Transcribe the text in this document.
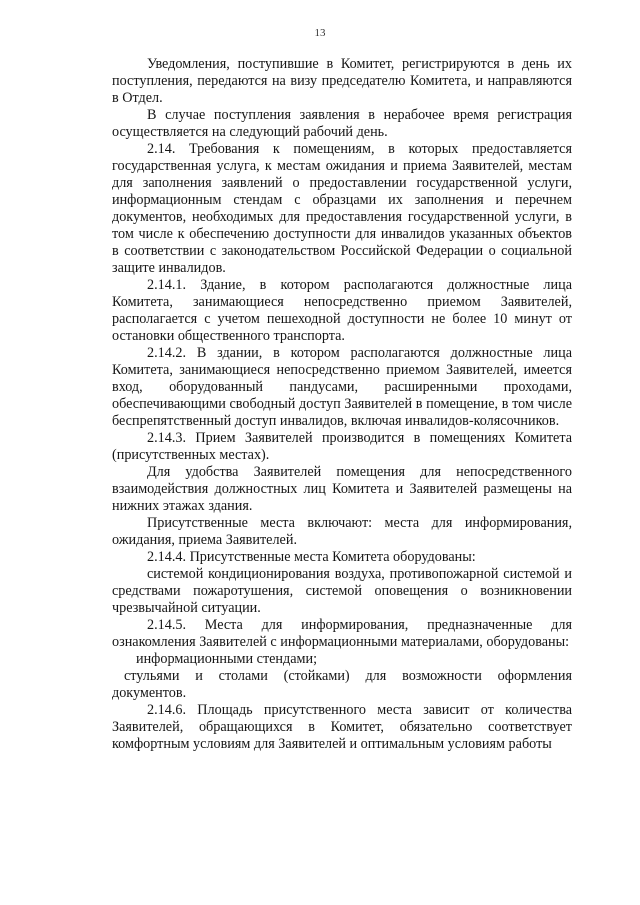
13

Уведомления, поступившие в Комитет, регистрируются в день их поступления, передаются на визу председателю Комитета, и направляются в Отдел.

В случае поступления заявления в нерабочее время регистрация осуществляется на следующий рабочий день.

2.14. Требования к помещениям, в которых предоставляется государственная услуга, к местам ожидания и приема Заявителей, местам для заполнения заявлений о предоставлении государственной услуги, информационным стендам с образцами их заполнения и перечнем документов, необходимых для предоставления государственной услуги, в том числе к обеспечению доступности для инвалидов указанных объектов в соответствии с законодательством Российской Федерации о социальной защите инвалидов.

2.14.1. Здание, в котором располагаются должностные лица Комитета, занимающиеся непосредственно приемом Заявителей, располагается с учетом пешеходной доступности не более 10 минут от остановки общественного транспорта.

2.14.2. В здании, в котором располагаются должностные лица Комитета, занимающиеся непосредственно приемом Заявителей, имеется вход, оборудованный пандусами, расширенными проходами, обеспечивающими свободный доступ Заявителей в помещение, в том числе беспрепятственный доступ инвалидов, включая инвалидов-колясочников.

2.14.3. Прием Заявителей производится в помещениях Комитета (присутственных местах).

Для удобства Заявителей помещения для непосредственного взаимодействия должностных лиц Комитета и Заявителей размещены на нижних этажах здания.

Присутственные места включают: места для информирования, ожидания, приема Заявителей.

2.14.4. Присутственные места Комитета оборудованы:

системой кондиционирования воздуха, противопожарной системой и средствами пожаротушения, системой оповещения о возникновении чрезвычайной ситуации.

2.14.5. Места для информирования, предназначенные для ознакомления Заявителей с информационными материалами, оборудованы:

информационными стендами;

стульями и столами (стойками) для возможности оформления документов.

2.14.6. Площадь присутственного места зависит от количества Заявителей, обращающихся в Комитет, обязательно соответствует комфортным условиям для Заявителей и оптимальным условиям работы
